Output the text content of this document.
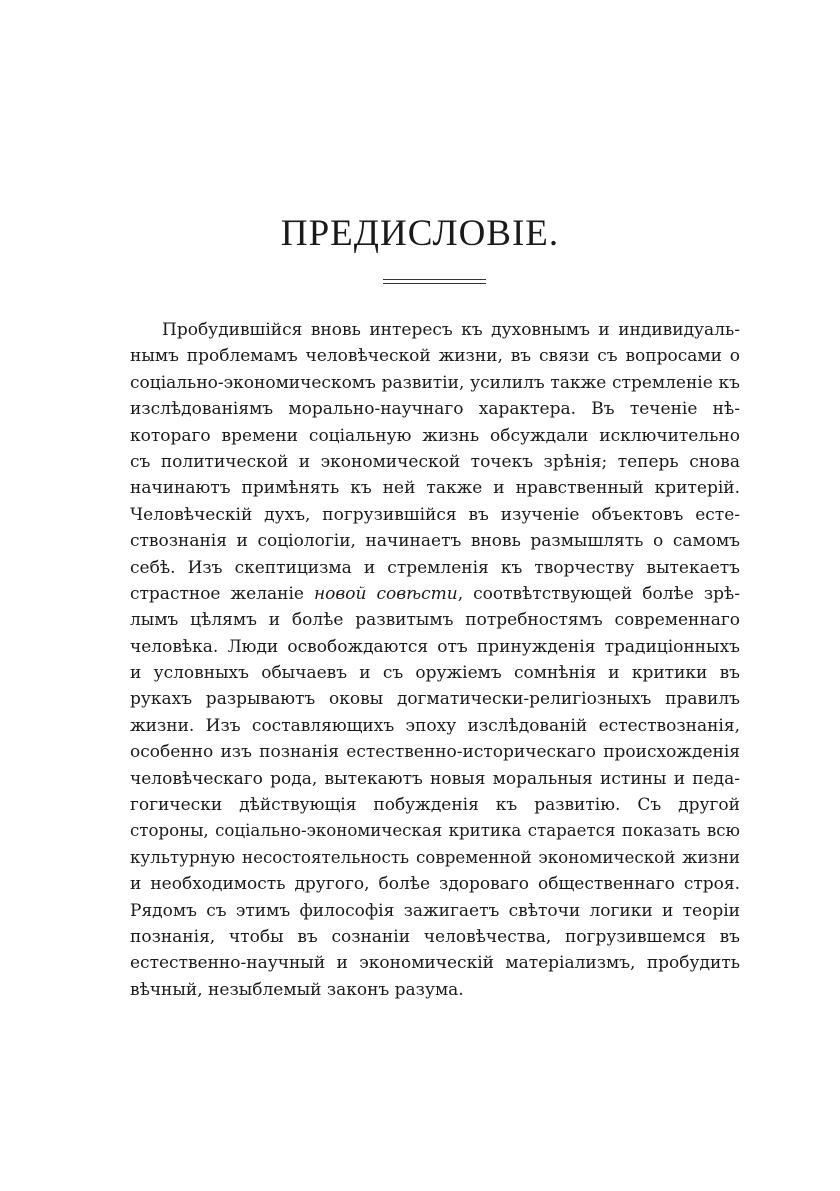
ПРЕДИСЛОВІЕ.
Пробудившійся вновь интересъ къ духовнымъ и индивидуаль-
нымъ проблемамъ человѣческой жизни, въ связи съ вопросами о
соціально-экономическомъ развитіи, усилилъ также стремленіе къ
изслѣдованіямъ морально-научнаго характера. Въ теченіе нѣ-
котораго времени соціальную жизнь обсуждали исключительно
съ политической и экономической точекъ зрѣнія; теперь снова
начинаютъ примѣнять къ ней также и нравственный критерій.
Человѣческій духъ, погрузившійся въ изученіе объектовъ есте-
ствознанія и соціологіи, начинаетъ вновь размышлять о самомъ
себѣ. Изъ скептицизма и стремленія къ творчеству вытекаетъ
страстное желаніе новой совѣсти, соотвѣтствующей болѣе зрѣ-
лымъ цѣлямъ и болѣе развитымъ потребностямъ современнаго
человѣка. Люди освобождаются отъ принужденія традиціонныхъ
и условныхъ обычаевъ и съ оружіемъ сомнѣнія и критики въ
рукахъ разрываютъ оковы догматически-религіозныхъ правилъ
жизни. Изъ составляющихъ эпоху изслѣдованій естествознанія,
особенно изъ познанія естественно-историческаго происхожденія
человѣческаго рода, вытекаютъ новыя моральныя истины и педа-
гогически дѣйствующія побужденія къ развитію. Съ другой
стороны, соціально-экономическая критика старается показать всю
культурную несостоятельность современной экономической жизни
и необходимость другого, болѣе здороваго общественнаго строя.
Рядомъ съ этимъ философія зажигаетъ свѣточи логики и теоріи
познанія, чтобы въ сознаніи человѣчества, погрузившемся въ
естественно-научный и экономическій матеріализмъ, пробудить
вѣчный, незыблемый законъ разума.
